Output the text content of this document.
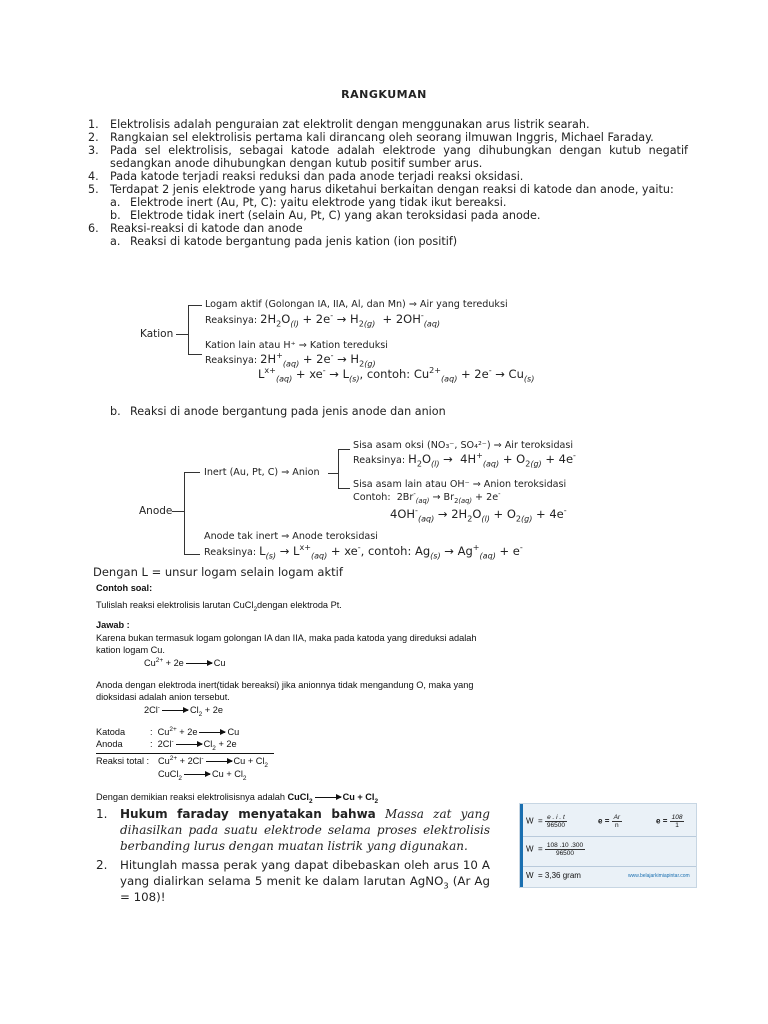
RANGKUMAN
1.	Elektrolisis adalah penguraian zat elektrolit dengan menggunakan arus listrik searah.
2.	Rangkaian sel elektrolisis pertama kali dirancang oleh seorang ilmuwan Inggris, Michael Faraday.
3.	Pada sel elektrolisis, sebagai katode adalah elektrode yang dihubungkan dengan kutub negatif sedangkan anode dihubungkan dengan kutub positif sumber arus.
4.	Pada katode terjadi reaksi reduksi dan pada anode terjadi reaksi oksidasi.
5.	Terdapat 2 jenis elektrode yang harus diketahui berkaitan dengan reaksi di katode dan anode, yaitu:
a. Elektrode inert (Au, Pt, C): yaitu elektrode yang tidak ikut bereaksi.
b. Elektrode tidak inert (selain Au, Pt, C) yang akan teroksidasi pada anode.
6.	Reaksi-reaksi di katode dan anode
a. Reaksi di katode bergantung pada jenis kation (ion positif)
Kation
Logam aktif (Golongan IA, IIA, Al, dan Mn) ⇒ Air yang tereduksi
Reaksinya: $2H_2O_{(l)} + 2e^- \to H_{2(g)} + 2OH^-_{(aq)}$
Kation lain atau H⁺ ⇒ Kation tereduksi
Reaksinya: $2H^+_{(aq)} + 2e^- \to H_{2(g)}$
$L^{x+}_{(aq)} + xe^- \to L_{(s)}$, contoh: $Cu^{2+}_{(aq)} + 2e^- \to Cu_{(s)}$
b. Reaksi di anode bergantung pada jenis anode dan anion
Anode
Inert (Au, Pt, C) ⇒ Anion
Sisa asam oksi (NO₃⁻, SO₄²⁻) ⇒ Air teroksidasi
Reaksinya: $H_2O_{(l)} \to 4H^+_{(aq)} + O_{2(g)} + 4e^-$
Sisa asam lain atau OH⁻ ⇒ Anion teroksidasi
Contoh:  $2Br^-_{(aq)} \to Br_{2(aq)} + 2e^-$
$4OH^-_{(aq)} \to 2H_2O_{(l)} + O_{2(g)} + 4e^-$
Anode tak inert ⇒ Anode teroksidasi
Reaksinya: $L_{(s)} \to L^{x+}_{(aq)} + xe^-$, contoh: $Ag_{(s)} \to Ag^+_{(aq)} + e^-$
Dengan L = unsur logam selain logam aktif
Contoh soal:
Tulislah reaksi elektrolisis larutan CuCl$_2$dengan elektroda Pt.
Jawab :
Karena bukan termasuk logam golongan IA dan IIA, maka pada katoda yang direduksi adalah
kation logam Cu.
$Cu^{2+} + 2e$	Cu
Anoda dengan elektroda inert(tidak bereaksi) jika anionnya tidak mengandung O, maka yang
dioksidasi adalah anion tersebut.
2Cl-	$Cl_2 + 2e$
Katoda	:  $Cu^{2+} + 2e$	Cu
Anoda	:  2Cl-	$Cl_2 + 2e$
Reaksi total : $Cu^{2+} + 2Cl^-$	$Cu + Cl_2$
CuCl$_2$	$Cu + Cl_2$
Dengan demikian reaksi elektrolisisnya adalah CuCl$_2$	$Cu + Cl_2$
1.	Hukum faraday menyatakan bahwa Massa zat yang dihasilkan pada suatu elektrode selama proses elektrolisis berbanding lurus dengan muatan listrik yang digunakan.
2.	Hitunglah massa perak yang dapat dibebaskan oleh arus 10 A yang dialirkan selama 5 menit ke dalam larutan AgNO$_3$ (Ar Ag = 108)!
$W = \frac{e . i . t}{96500}$	$e = \frac{Ar}{n}$	$e = \frac{108}{1}$
$W = \frac{108 .10 .300}{96500}$
W = 3,36 gram	www.belajarkimiapintar.com
